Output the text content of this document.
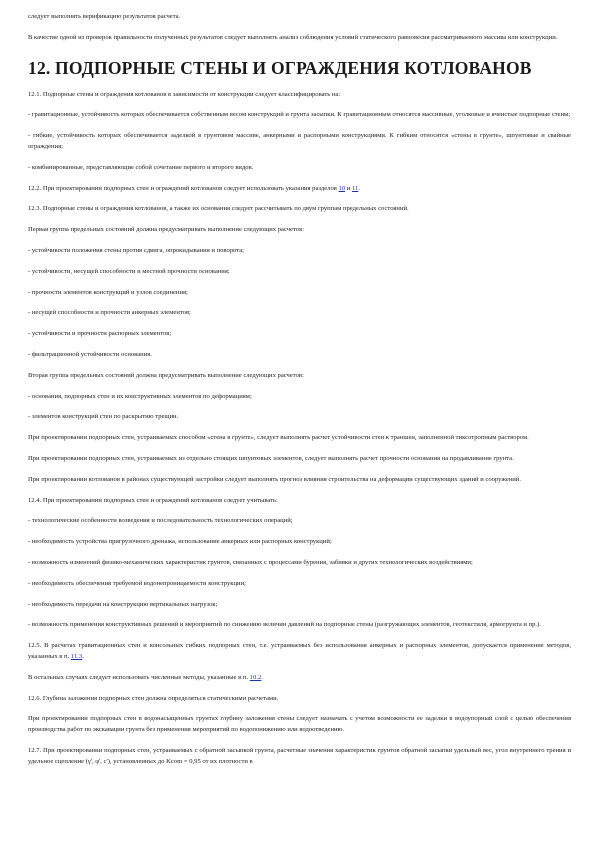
следует выполнять верификацию результатов расчета.

В качестве одной из проверок правильности полученных результатов следует выполнять анализ соблюдения условий статического равновесия рассматриваемого массива или конструкции.

12. ПОДПОРНЫЕ СТЕНЫ И ОГРАЖДЕНИЯ КОТЛОВАНОВ

12.1. Подпорные стены и ограждения котлованов в зависимости от конструкции следует классифицировать на:

- гравитационные, устойчивость которых обеспечивается собственным весом конструкций и грунта засыпки. К гравитационным относятся массивные, уголковые и ячеистые подпорные стены;

- гибкие, устойчивость которых обеспечивается заделкой в грунтовом массиве, анкерными и распорными конструкциями. К гибким относятся «стены в грунте», шпунтовые и свайные ограждения;

- комбинированные, представляющие собой сочетание первого и второго видов.

12.2. При проектировании подпорных стен и ограждений котлованов следует использовать указания разделов 10 и 11.

12.3. Подпорные стены и ограждения котлованов, а также их основания следует рассчитывать по двум группам предельных состояний.

Первая группа предельных состояний должна предусматривать выполнение следующих расчетов:

- устойчивости положения стены против сдвига, опрокидывания и поворота;

- устойчивости, несущей способности и местной прочности основания;

- прочности элементов конструкций и узлов соединения;

- несущей способности и прочности анкерных элементов;

- устойчивости и прочности распорных элементов;

- фильтрационной устойчивости основания.

Вторая группа предельных состояний должна предусматривать выполнение следующих расчетов:

- основания, подпорных стен и их конструктивных элементов по деформациям;

- элементов конструкций стен по раскрытию трещин.

При проектировании подпорных стен, устраиваемых способом «стена в грунте», следует выполнять расчет устойчивости стен к траншеи, заполненной тиксотропным раствором.

При проектировании подпорных стен, устраиваемых из отдельно стоящих шпунтовых элементов, следует выполнять расчет прочности основания на продавливание грунта.

При проектировании котлованов в районах существующей застройки следует выполнять прогноз влияния строительства на деформации существующих зданий и сооружений.

12.4. При проектировании подпорных стен и ограждений котлованов следует учитывать:

- технологические особенности возведения и последовательность технологических операций;

- необходимость устройства пригрузочного дренажа, использование анкерных или распорных конструкций;

- возможность изменений физико-механических характеристик грунтов, связанных с процессами бурения, забивки и других технологических воздействиями;

- необходимость обеспечения требуемой водонепроницаемости конструкции;

- необходимость передачи на конструкцию вертикальных нагрузок;

- возможность применения конструктивных решений и мероприятий по снижению величин давлений на подпорные стены (разгружающих элементов, геотекстиля, армогрунта и пр.).

12.5. В расчетах гравитационных стен и консольных гибких подпорных стен, т.е. устраиваемых без использования анкерных и распорных элементов, допускается применение методов, указанных в п. 11.3.

В остальных случаях следует использовать численные методы, указанные в п. 10.2.

12.6. Глубина заложения подпорных стен должна определяться статическими расчетами.

При проектировании подпорных стен в водонасыщенных грунтах глубину заложения стены следует назначать с учетом возможности ее заделки в водоупорный слой с целью обеспечения производства работ по экскавации грунта без применения мероприятий по водопонижению или водоотведению.

12.7. При проектировании подпорных стен, устраиваемых с обратной засыпкой грунта, расчетные значения характеристик грунтов обратной засыпки удельный вес, угол внутреннего трения и удельное сцепление (γ', φ', c'), установленных до Kcom = 0,95 от их плотности в
